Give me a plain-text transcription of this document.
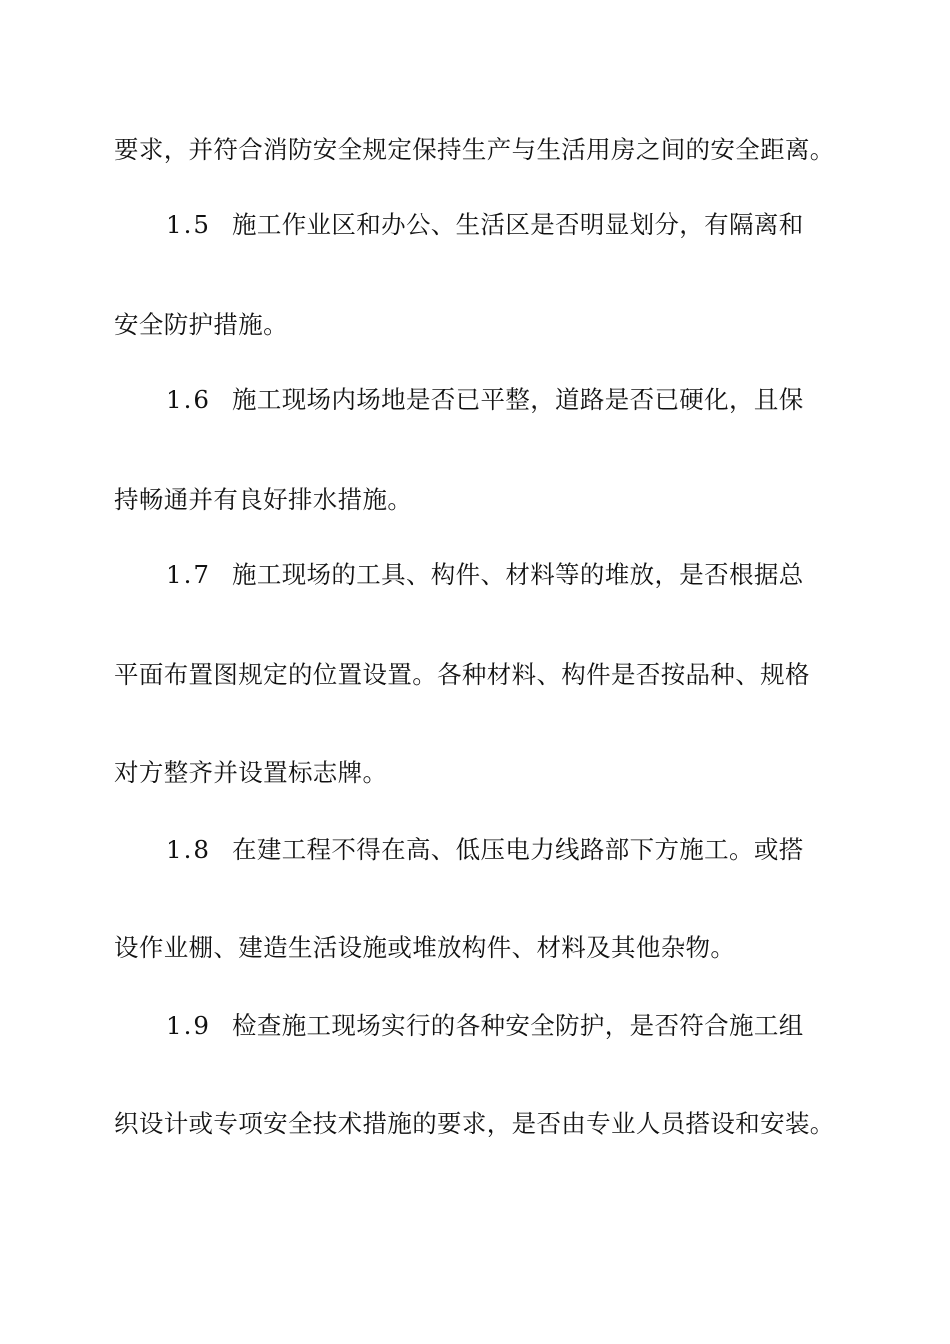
要求，并符合消防安全规定保持生产与生活用房之间的安全距离。
1.5 施工作业区和办公、生活区是否明显划分，有隔离和
安全防护措施。
1.6 施工现场内场地是否已平整，道路是否已硬化，且保
持畅通并有良好排水措施。
1.7 施工现场的工具、构件、材料等的堆放，是否根据总
平面布置图规定的位置设置。各种材料、构件是否按品种、规格
对方整齐并设置标志牌。
1.8 在建工程不得在高、低压电力线路部下方施工。或搭
设作业棚、建造生活设施或堆放构件、材料及其他杂物。
1.9 检查施工现场实行的各种安全防护，是否符合施工组
织设计或专项安全技术措施的要求，是否由专业人员搭设和安装。
